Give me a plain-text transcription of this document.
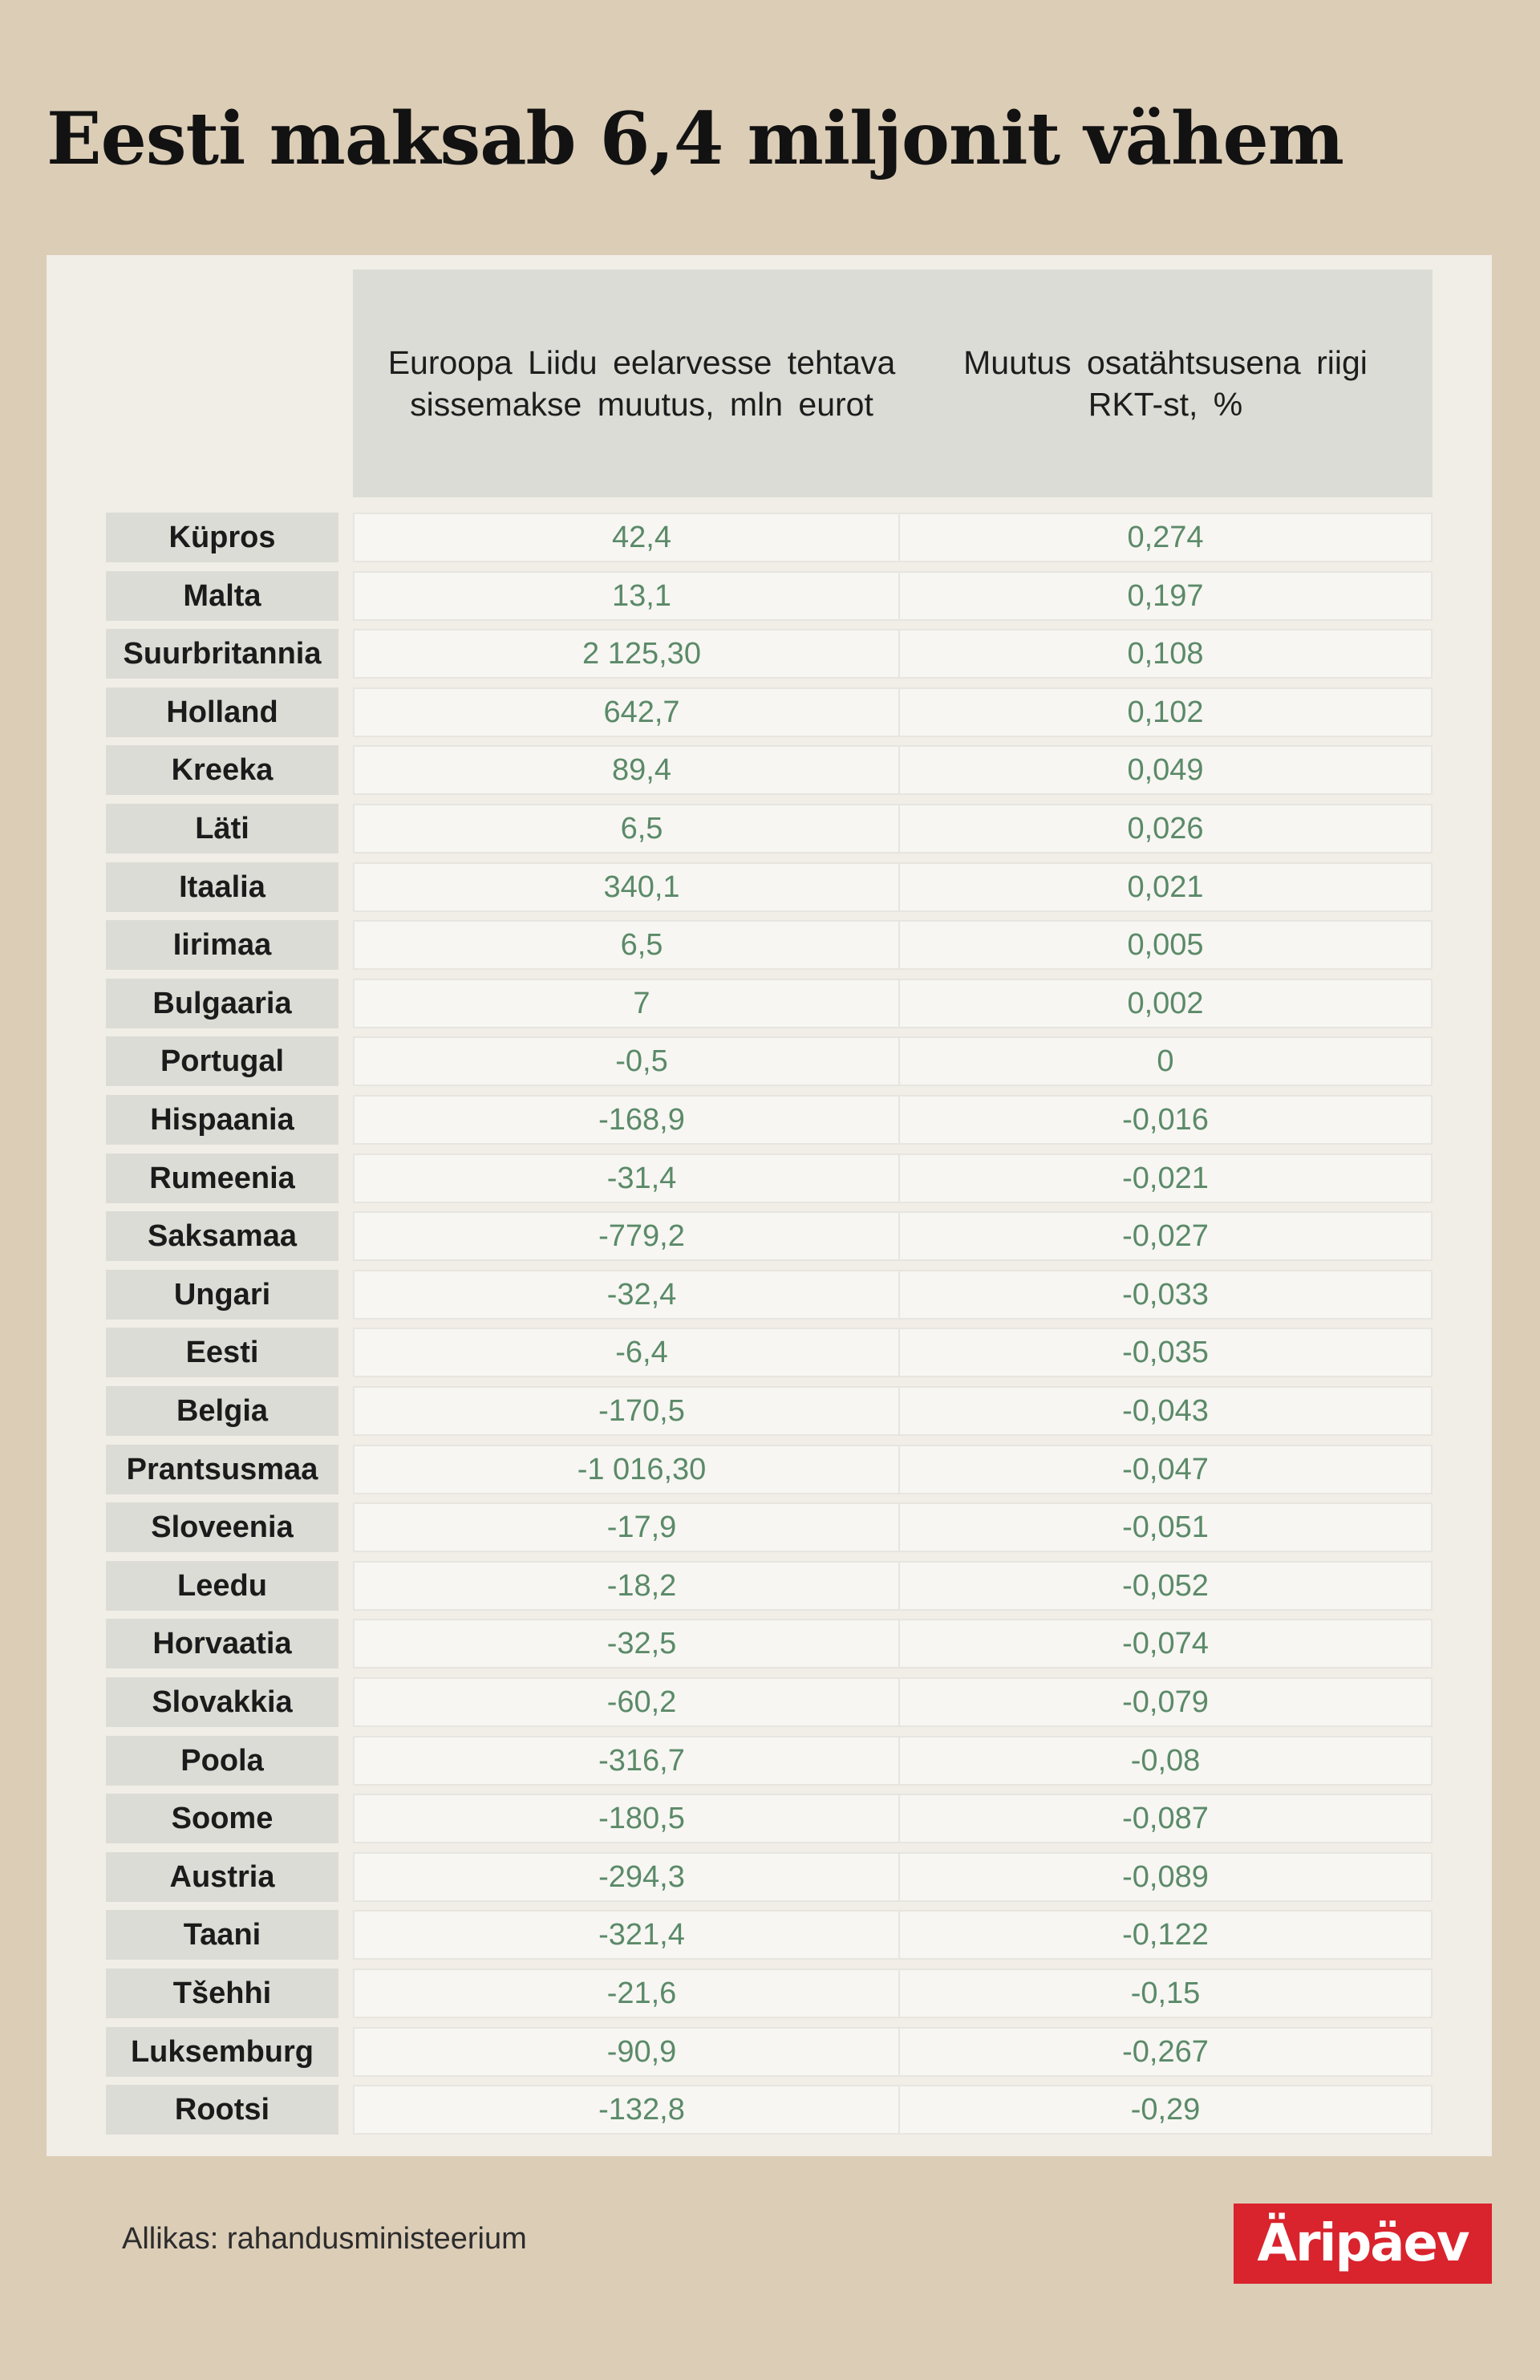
Eesti maksab 6,4 miljonit vähem
Euroopa Liidu eelarvesse tehtava sissemakse muutus, mln eurot
Muutus osatähtsusena riigi RKT-st, %
Küpros	42,4	0,274
Malta	13,1	0,197
Suurbritannia	2 125,30	0,108
Holland	642,7	0,102
Kreeka	89,4	0,049
Läti	6,5	0,026
Itaalia	340,1	0,021
Iirimaa	6,5	0,005
Bulgaaria	7	0,002
Portugal	-0,5	0
Hispaania	-168,9	-0,016
Rumeenia	-31,4	-0,021
Saksamaa	-779,2	-0,027
Ungari	-32,4	-0,033
Eesti	-6,4	-0,035
Belgia	-170,5	-0,043
Prantsusmaa	-1 016,30	-0,047
Sloveenia	-17,9	-0,051
Leedu	-18,2	-0,052
Horvaatia	-32,5	-0,074
Slovakkia	-60,2	-0,079
Poola	-316,7	-0,08
Soome	-180,5	-0,087
Austria	-294,3	-0,089
Taani	-321,4	-0,122
Tšehhi	-21,6	-0,15
Luksemburg	-90,9	-0,267
Rootsi	-132,8	-0,29
Allikas: rahandusministeerium	Äripäev
